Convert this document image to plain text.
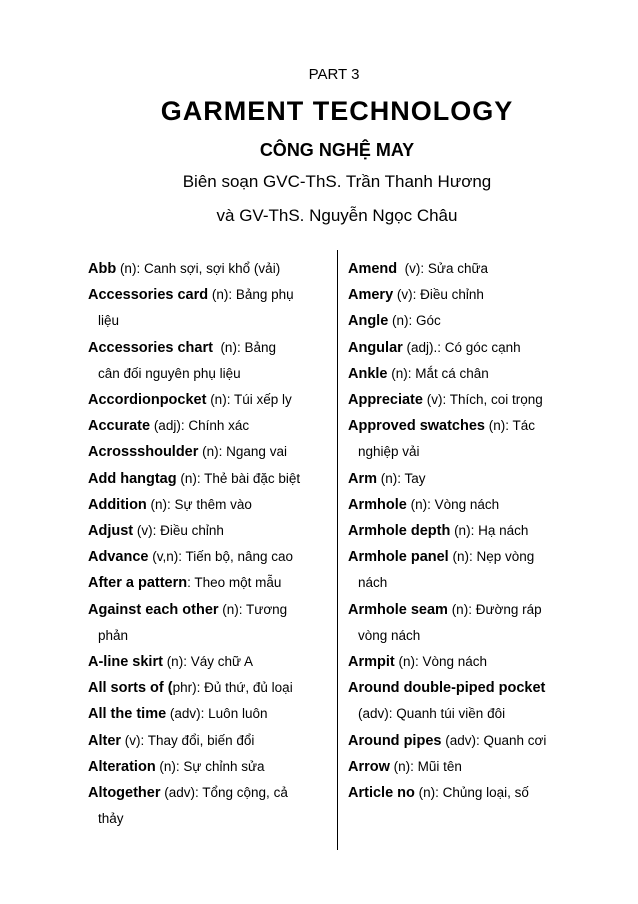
PART 3
GARMENT TECHNOLOGY
CÔNG NGHỆ MAY
Biên soạn GVC-ThS. Trần Thanh Hương
và GV-ThS. Nguyễn Ngọc Châu
Abb (n): Canh sợi, sợi khổ (vải)
Accessories card (n): Bảng phụ
liệu
Accessories chart  (n): Bảng
cân đối nguyên phụ liệu
Accordionpocket (n): Túi xếp ly
Accurate (adj): Chính xác
Acrossshoulder (n): Ngang vai
Add hangtag (n): Thẻ bài đặc biệt
Addition (n): Sự thêm vào
Adjust (v): Điều chỉnh
Advance (v,n): Tiến bộ, nâng cao
After a pattern: Theo một mẫu
Against each other (n): Tương
phản
A-line skirt (n): Váy chữ A
All sorts of (phr): Đủ thứ, đủ loại
All the time (adv): Luôn luôn
Alter (v): Thay đổi, biến đổi
Alteration (n): Sự chỉnh sửa
Altogether (adv): Tổng cộng, cả
thảy
Amend  (v): Sửa chữa
Amery (v): Điều chỉnh
Angle (n): Góc
Angular (adj).: Có góc cạnh
Ankle (n): Mắt cá chân
Appreciate (v): Thích, coi trọng
Approved swatches (n): Tác
nghiệp vải
Arm (n): Tay
Armhole (n): Vòng nách
Armhole depth (n): Hạ nách
Armhole panel (n): Nẹp vòng
nách
Armhole seam (n): Đường ráp
vòng nách
Armpit (n): Vòng nách
Around double-piped pocket
(adv): Quanh túi viền đôi
Around pipes (adv): Quanh cơi
Arrow (n): Mũi tên
Article no (n): Chủng loại, số
